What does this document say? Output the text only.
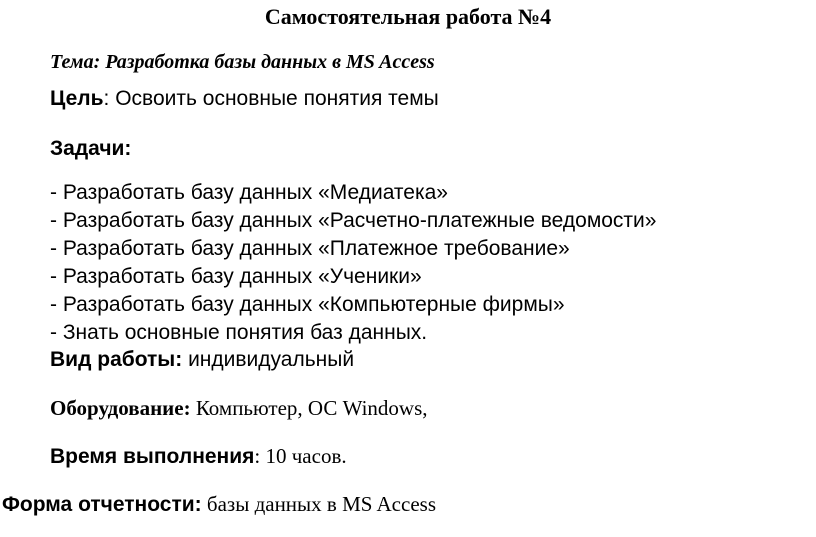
Самостоятельная работа №4
Тема: Разработка базы данных в MS Access
Цель: Освоить основные понятия темы
Задачи:
- Разработать базу данных «Медиатека»
- Разработать базу данных «Расчетно-платежные ведомости»
- Разработать базу данных «Платежное требование»
- Разработать базу данных «Ученики»
- Разработать базу данных «Компьютерные фирмы»
- Знать основные понятия баз данных.
Вид работы: индивидуальный
Оборудование: Компьютер, ОС Windows,
Время выполнения: 10 часов.
Форма отчетности: базы данных в MS Access
